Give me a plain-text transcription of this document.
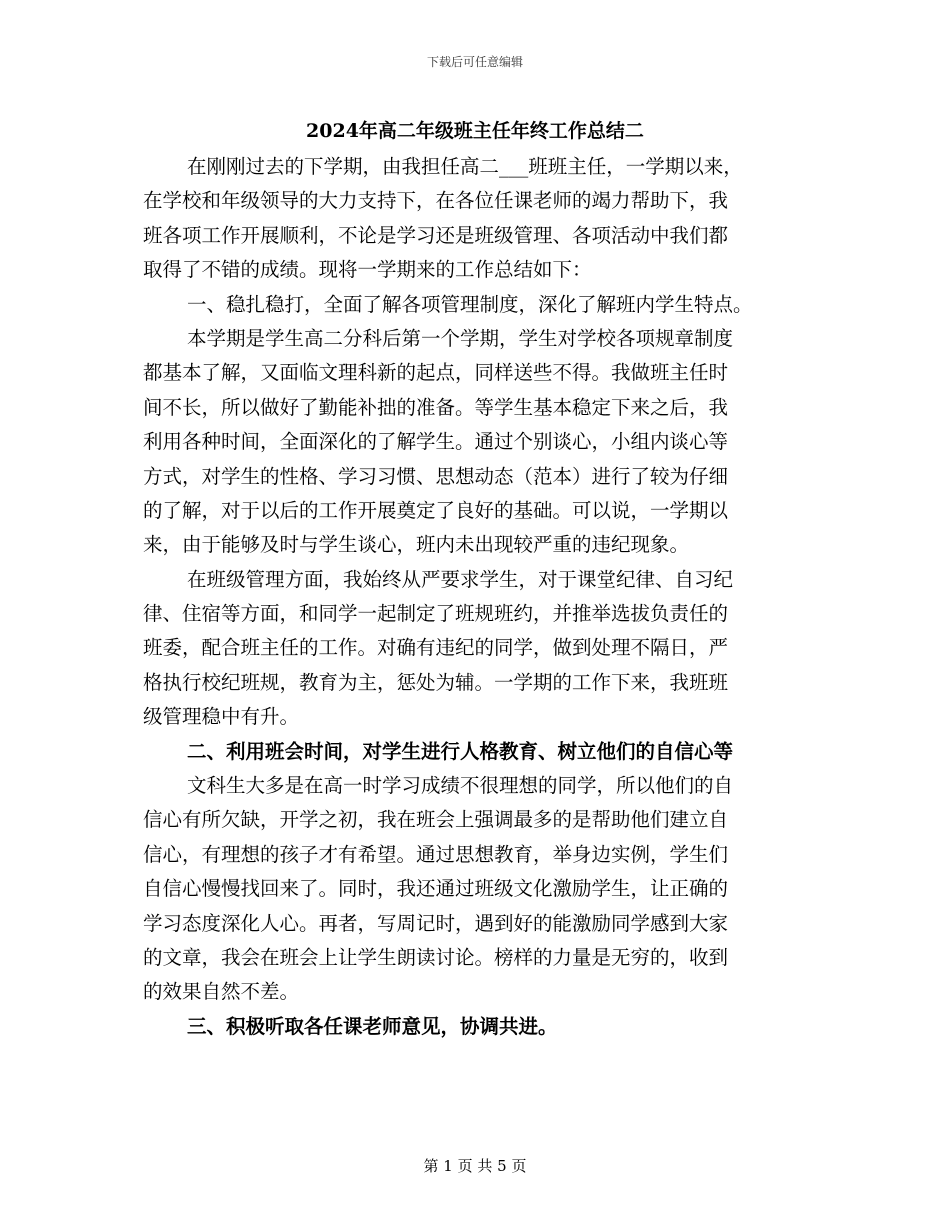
下载后可任意编辑
2024年高二年级班主任年终工作总结二
在刚刚过去的下学期，由我担任高二___班班主任，一学期以来，
在学校和年级领导的大力支持下，在各位任课老师的竭力帮助下，我
班各项工作开展顺利，不论是学习还是班级管理、各项活动中我们都
取得了不错的成绩。现将一学期来的工作总结如下：
一、稳扎稳打，全面了解各项管理制度，深化了解班内学生特点。
本学期是学生高二分科后第一个学期，学生对学校各项规章制度
都基本了解，又面临文理科新的起点，同样送些不得。我做班主任时
间不长，所以做好了勤能补拙的准备。等学生基本稳定下来之后，我
利用各种时间，全面深化的了解学生。通过个别谈心，小组内谈心等
方式，对学生的性格、学习习惯、思想动态（范本）进行了较为仔细
的了解，对于以后的工作开展奠定了良好的基础。可以说，一学期以
来，由于能够及时与学生谈心，班内未出现较严重的违纪现象。
在班级管理方面，我始终从严要求学生，对于课堂纪律、自习纪
律、住宿等方面，和同学一起制定了班规班约，并推举选拔负责任的
班委，配合班主任的工作。对确有违纪的同学，做到处理不隔日，严
格执行校纪班规，教育为主，惩处为辅。一学期的工作下来，我班班
级管理稳中有升。
二、利用班会时间，对学生进行人格教育、树立他们的自信心等
文科生大多是在高一时学习成绩不很理想的同学，所以他们的自
信心有所欠缺，开学之初，我在班会上强调最多的是帮助他们建立自
信心，有理想的孩子才有希望。通过思想教育，举身边实例，学生们
自信心慢慢找回来了。同时，我还通过班级文化激励学生，让正确的
学习态度深化人心。再者，写周记时，遇到好的能激励同学感到大家
的文章，我会在班会上让学生朗读讨论。榜样的力量是无穷的，收到
的效果自然不差。
三、积极听取各任课老师意见，协调共进。
第 1 页 共 5 页
